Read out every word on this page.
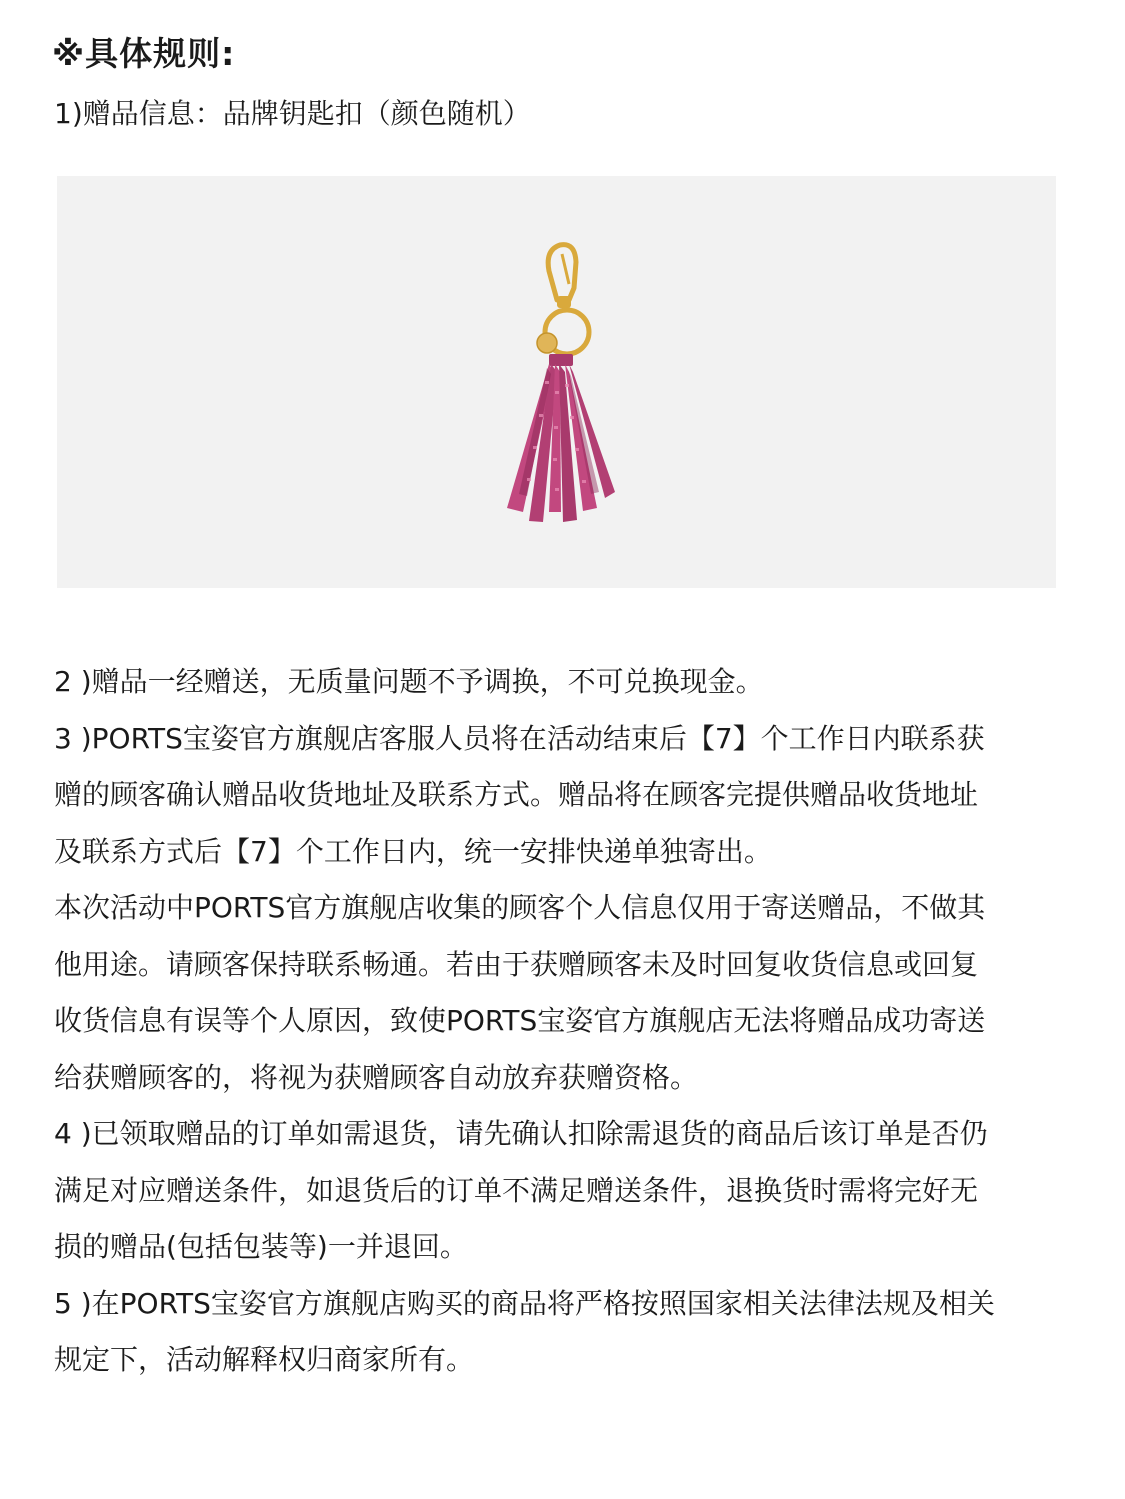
※具体规则:
1)赠品信息：品牌钥匙扣（颜色随机）

2 )赠品一经赠送，无质量问题不予调换，不可兑换现金。

3 )PORTS宝姿官方旗舰店客服人员将在活动结束后【7】个工作日内联系获

赠的顾客确认赠品收货地址及联系方式。赠品将在顾客完提供赠品收货地址

及联系方式后【7】个工作日内，统一安排快递单独寄出。

本次活动中PORTS官方旗舰店收集的顾客个人信息仅用于寄送赠品，不做其

他用途。请顾客保持联系畅通。若由于获赠顾客未及时回复收货信息或回复

收货信息有误等个人原因，致使PORTS宝姿官方旗舰店无法将赠品成功寄送

给获赠顾客的，将视为获赠顾客自动放弃获赠资格。

4 )已领取赠品的订单如需退货，请先确认扣除需退货的商品后该订单是否仍

满足对应赠送条件，如退货后的订单不满足赠送条件，退换货时需将完好无

损的赠品(包括包装等)一并退回。

5 )在PORTS宝姿官方旗舰店购买的商品将严格按照国家相关法律法规及相关

规定下，活动解释权归商家所有。
